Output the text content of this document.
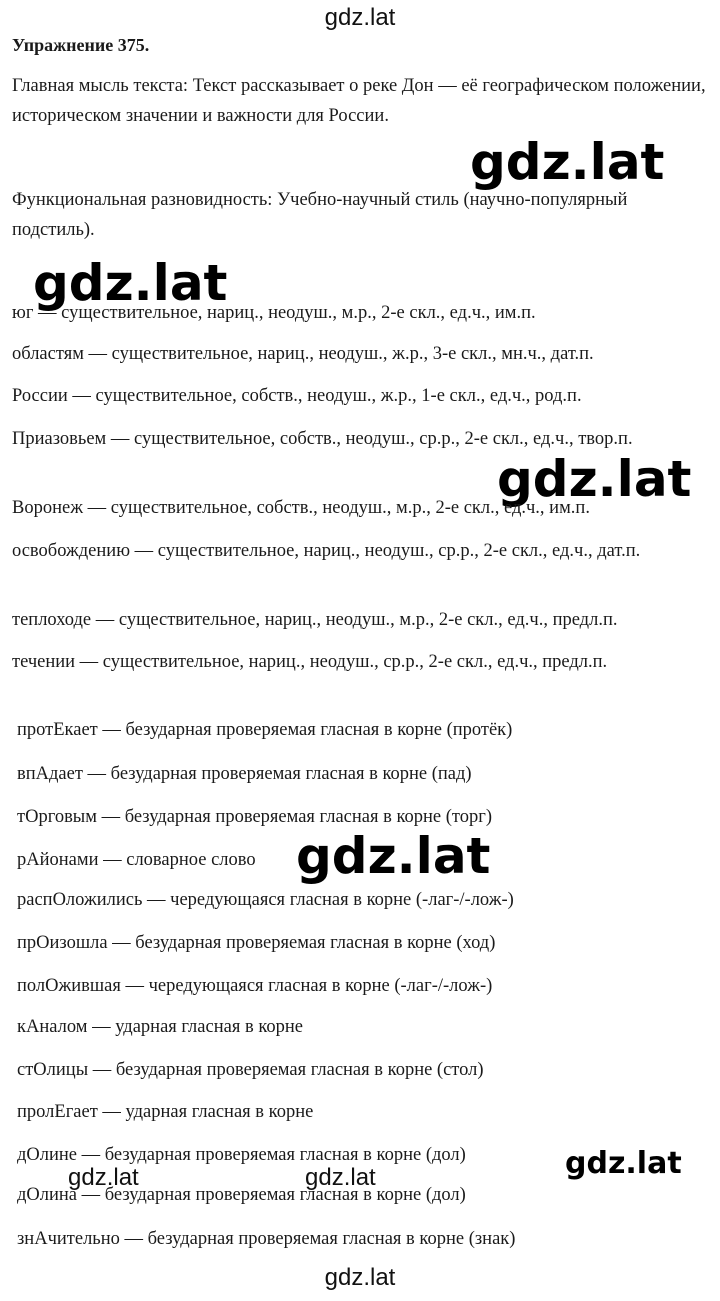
gdz.lat
gdz.lat
gdz.lat
gdz.lat
gdz.lat
gdz.lat
gdz.lat	gdz.lat
gdz.lat
Упражнение 375.
Главная мысль текста: Текст рассказывает о реке Дон — её географическом положении, историческом значении и важности для России.
Функциональная разновидность: Учебно-научный стиль (научно-популярный подстиль).
юг — существительное, нариц., неодуш., м.р., 2-е скл., ед.ч., им.п.
областям — существительное, нариц., неодуш., ж.р., 3-е скл., мн.ч., дат.п.
России — существительное, собств., неодуш., ж.р., 1-е скл., ед.ч., род.п.
Приазовьем — существительное, собств., неодуш., ср.р., 2-е скл., ед.ч., твор.п.
Воронеж — существительное, собств., неодуш., м.р., 2-е скл., ед.ч., им.п.
освобождению — существительное, нариц., неодуш., ср.р., 2-е скл., ед.ч., дат.п.
теплоходе — существительное, нариц., неодуш., м.р., 2-е скл., ед.ч., предл.п.
течении — существительное, нариц., неодуш., ср.р., 2-е скл., ед.ч., предл.п.
протЕкает — безударная проверяемая гласная в корне (протёк)
впАдает — безударная проверяемая гласная в корне (пад)
тОрговым — безударная проверяемая гласная в корне (торг)
рАйонами — словарное слово
распОложились — чередующаяся гласная в корне (-лаг-/-лож-)
прОизошла — безударная проверяемая гласная в корне (ход)
полОжившая — чередующаяся гласная в корне (-лаг-/-лож-)
кАналом — ударная гласная в корне
стОлицы — безударная проверяемая гласная в корне (стол)
пролЕгает — ударная гласная в корне
дОлине — безударная проверяемая гласная в корне (дол)
дОлина — безударная проверяемая гласная в корне (дол)
знАчительно — безударная проверяемая гласная в корне (знак)
